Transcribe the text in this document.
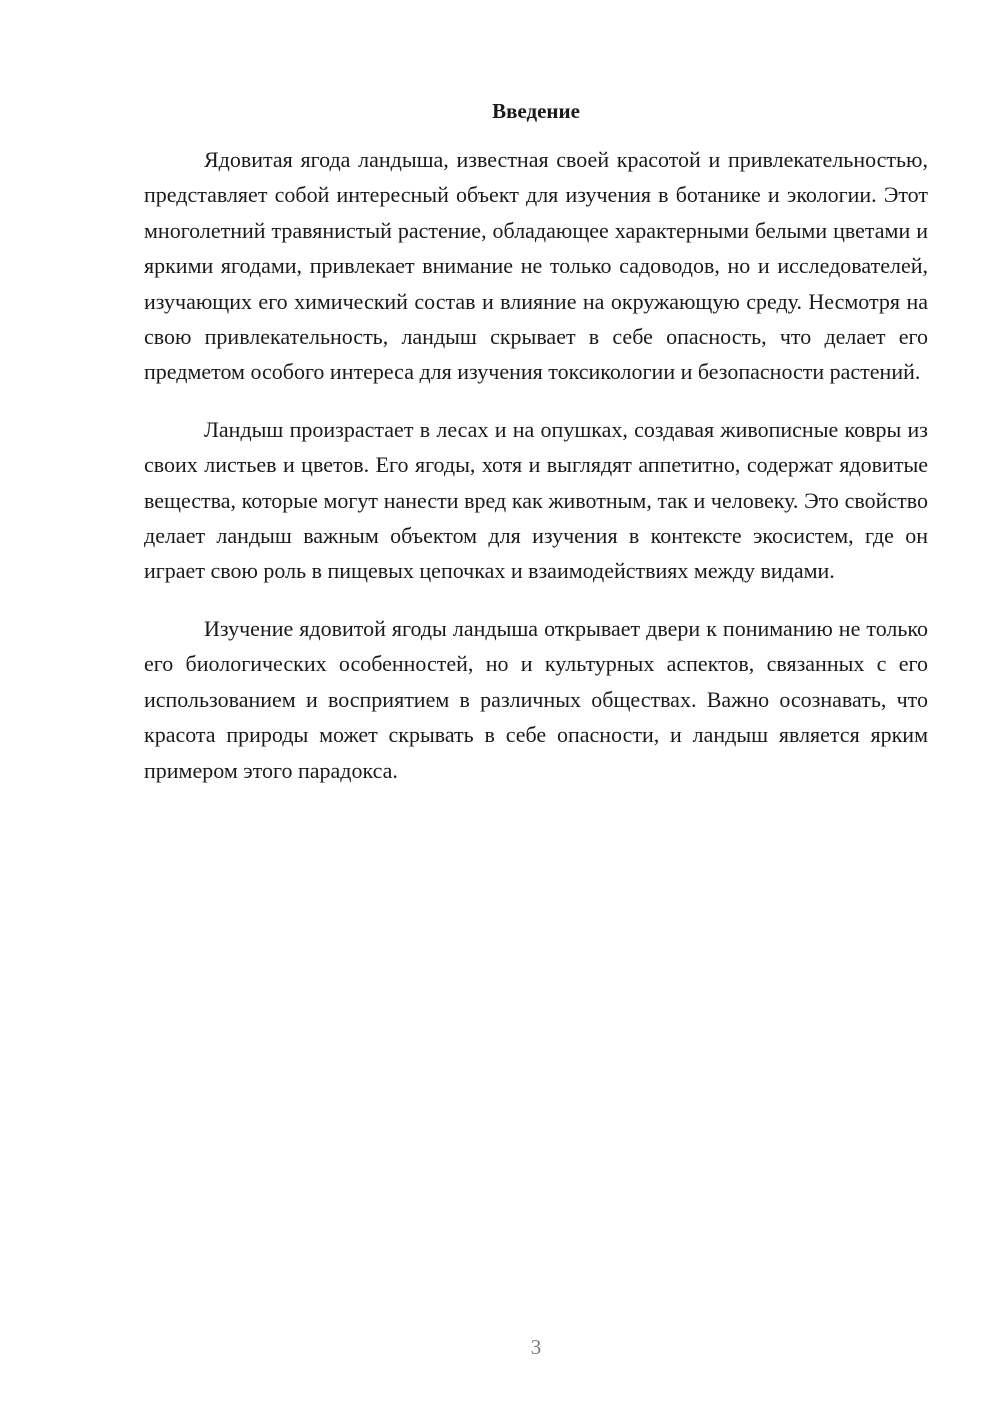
Введение

Ядовитая ягода ландыша, известная своей красотой и привлекательностью, представляет собой интересный объект для изучения в ботанике и экологии. Этот многолетний травянистый растение, обладающее характерными белыми цветами и яркими ягодами, привлекает внимание не только садоводов, но и исследователей, изучающих его химический состав и влияние на окружающую среду. Несмотря на свою привлекательность, ландыш скрывает в себе опасность, что делает его предметом особого интереса для изучения токсикологии и безопасности растений.

Ландыш произрастает в лесах и на опушках, создавая живописные ковры из своих листьев и цветов. Его ягоды, хотя и выглядят аппетитно, содержат ядовитые вещества, которые могут нанести вред как животным, так и человеку. Это свойство делает ландыш важным объектом для изучения в контексте экосистем, где он играет свою роль в пищевых цепочках и взаимодействиях между видами.

Изучение ядовитой ягоды ландыша открывает двери к пониманию не только его биологических особенностей, но и культурных аспектов, связанных с его использованием и восприятием в различных обществах. Важно осознавать, что красота природы может скрывать в себе опасности, и ландыш является ярким примером этого парадокса.

3
